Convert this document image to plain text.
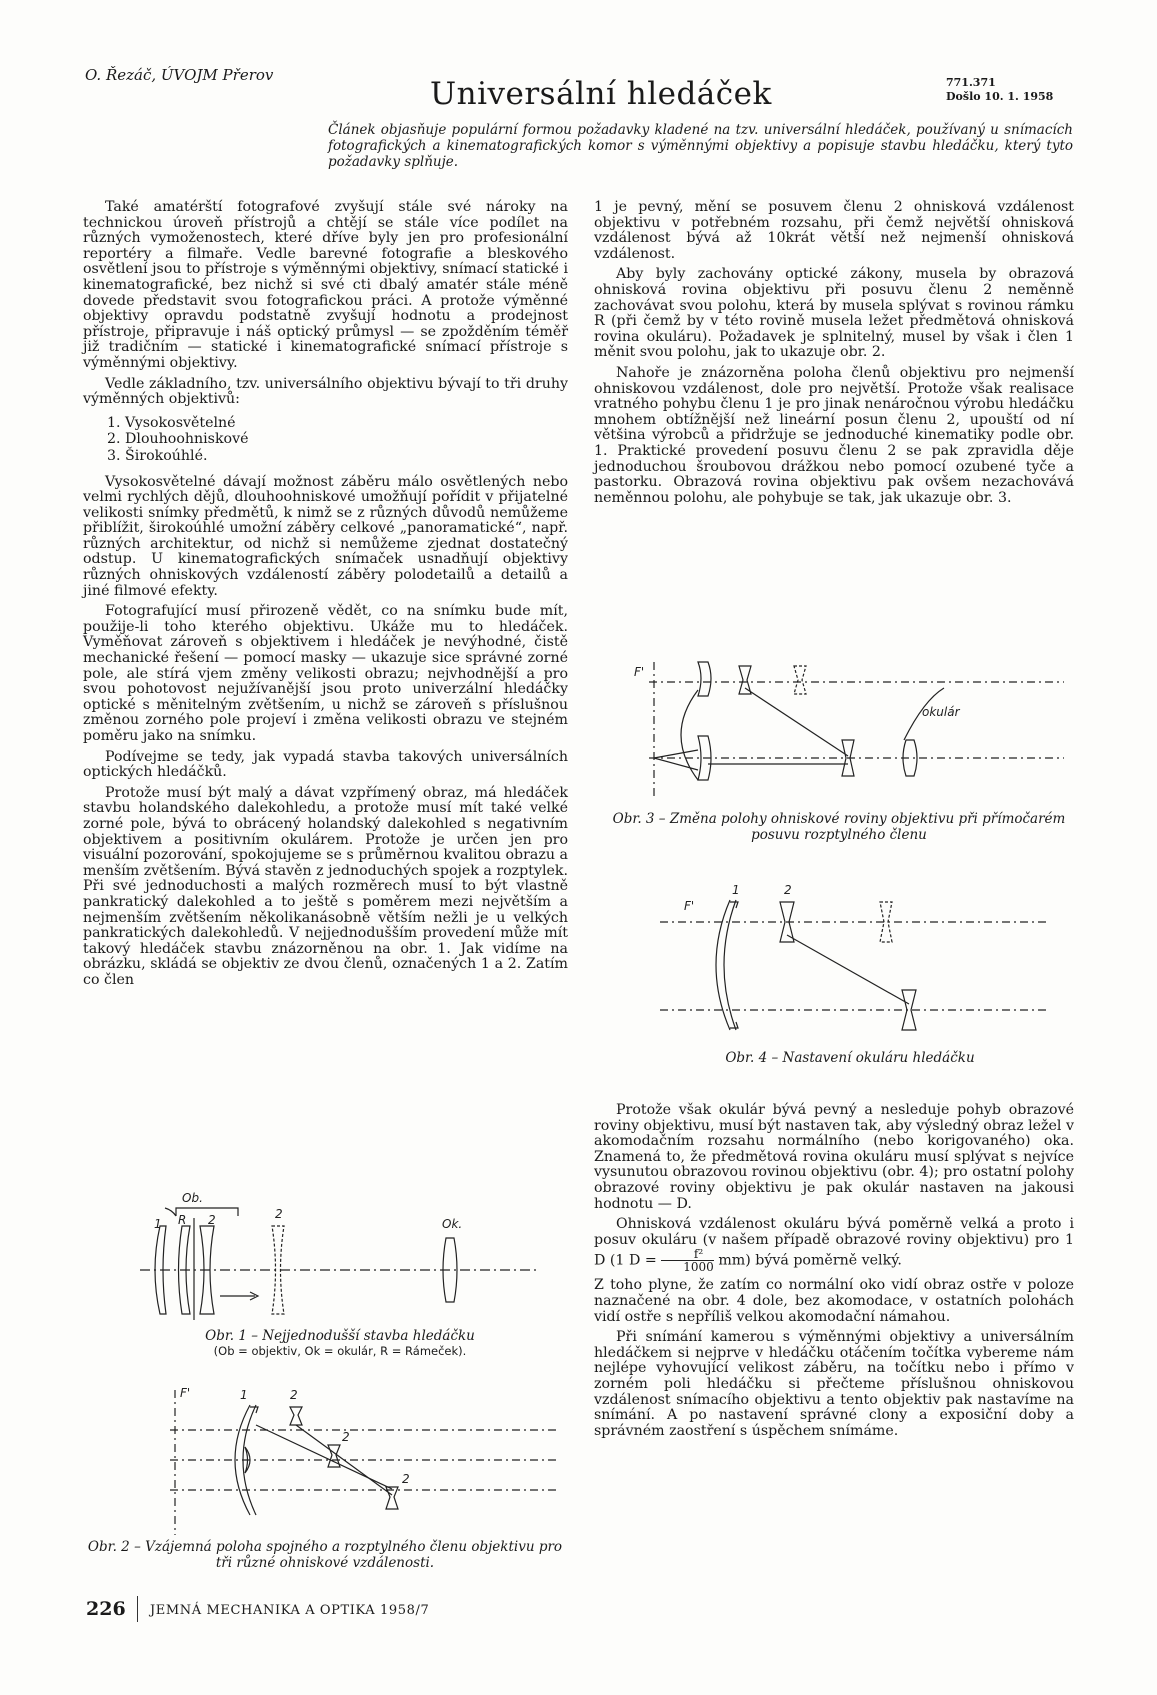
O. Řezáč, ÚVOJM Přerov
Universální hledáček	771.371
Došlo 10. 1. 1958
Článek objasňuje populární formou požadavky kladené na tzv. universální hledáček, používaný u snímacích fotografických a kinematografických komor s výměnnými objektivy a popisuje stavbu hledáčku, který tyto požadavky splňuje.

Také amatérští fotografové zvyšují stále své nároky na technickou úroveň přístrojů a chtějí se stále více podílet na různých vymoženostech, které dříve byly jen pro profesionální reportéry a filmaře. Vedle barevné fotografie a bleskového osvětlení jsou to přístroje s výměnnými objektivy, snímací statické i kinematografické, bez nichž si své cti dbalý amatér stále méně dovede představit svou fotografickou práci. A protože výměnné objektivy opravdu podstatně zvyšují hodnotu a prodejnost přístroje, připravuje i náš optický průmysl — se zpožděním téměř již tradičním — statické i kinematografické snímací přístroje s výměnnými objektivy.

Vedle základního, tzv. universálního objektivu bývají to tři druhy výměnných objektivů:

1. Vysokosvětelné
2. Dlouhoohniskové
3. Širokoúhlé.

Vysokosvětelné dávají možnost záběru málo osvětlených nebo velmi rychlých dějů, dlouhoohniskové umožňují pořídit v přijatelné velikosti snímky předmětů, k nimž se z různých důvodů nemůžeme přiblížit, širokoúhlé umožní záběry celkové „panoramatické“, např. různých architektur, od nichž si nemůžeme zjednat dostatečný odstup. U kinematografických snímaček usnadňují objektivy různých ohniskových vzdáleností záběry polodetailů a detailů a jiné filmové efekty.

Fotografující musí přirozeně vědět, co na snímku bude mít, použije-li toho kterého objektivu. Ukáže mu to hledáček. Vyměňovat zároveň s objektivem i hledáček je nevýhodné, čistě mechanické řešení — pomocí masky — ukazuje sice správné zorné pole, ale stírá vjem změny velikosti obrazu; nejvhodnější a pro svou pohotovost nejužívanější jsou proto univerzální hledáčky optické s měnitelným zvětšením, u nichž se zároveň s příslušnou změnou zorného pole projeví i změna velikosti obrazu ve stejném poměru jako na snímku.

Podívejme se tedy, jak vypadá stavba takových universálních optických hledáčků.

Protože musí být malý a dávat vzpřímený obraz, má hledáček stavbu holandského dalekohledu, a protože musí mít také velké zorné pole, bývá to obrácený holandský dalekohled s negativním objektivem a positivním okulárem. Protože je určen jen pro visuální pozorování, spokojujeme se s průměrnou kvalitou obrazu a menším zvětšením. Bývá stavěn z jednoduchých spojek a rozptylek. Při své jednoduchosti a malých rozměrech musí to být vlastně pankratický dalekohled a to ještě s poměrem mezi největším a nejmenším zvětšením několikanásobně větším nežli je u velkých pankratických dalekohledů. V nejjednodušším provedení může mít takový hledáček stavbu znázorněnou na obr. 1. Jak vidíme na obrázku, skládá se objektiv ze dvou členů, označených 1 a 2. Zatím co člen

Ob.
1 R 2	2
Ok.
Obr. 1 – Nejjednodušší stavba hledáčku
(Ob = objektiv, Ok = okulár, R = Rámeček).
F'	1	2
2
2
Obr. 2 – Vzájemná poloha spojného a rozptylného členu objektivu pro tři různé ohniskové vzdálenosti.

1 je pevný, mění se posuvem členu 2 ohnisková vzdálenost objektivu v potřebném rozsahu, při čemž největší ohnisková vzdálenost bývá až 10krát větší než nejmenší ohnisková vzdálenost.

Aby byly zachovány optické zákony, musela by obrazová ohnisková rovina objektivu při posuvu členu 2 neměnně zachovávat svou polohu, která by musela splývat s rovinou rámku R (při čemž by v této rovině musela ležet předmětová ohnisková rovina okuláru). Požadavek je splnitelný, musel by však i člen 1 měnit svou polohu, jak to ukazuje obr. 2.

Nahoře je znázorněna poloha členů objektivu pro nejmenší ohniskovou vzdálenost, dole pro největší. Protože však realisace vratného pohybu členu 1 je pro jinak nenáročnou výrobu hledáčku mnohem obtížnější než lineární posun členu 2, upouští od ní většina výrobců a přidržuje se jednoduché kinematiky podle obr. 1. Praktické provedení posuvu členu 2 se pak zpravidla děje jednoduchou šroubovou drážkou nebo pomocí ozubené tyče a pastorku. Obrazová rovina objektivu pak ovšem nezachovává neměnnou polohu, ale pohybuje se tak, jak ukazuje obr. 3.

F'
okulár
Obr. 3 – Změna polohy ohniskové roviny objektivu při přímočarém posuvu rozptylného členu
F'
1	2
Obr. 4 – Nastavení okuláru hledáčku

Protože však okulár bývá pevný a nesleduje pohyb obrazové roviny objektivu, musí být nastaven tak, aby výsledný obraz ležel v akomodačním rozsahu normálního (nebo korigovaného) oka. Znamená to, že předmětová rovina okuláru musí splývat s nejvíce vysunutou obrazovou rovinou objektivu (obr. 4); pro ostatní polohy obrazové roviny objektivu je pak okulár nastaven na jakousi hodnotu — D.

Ohnisková vzdálenost okuláru bývá poměrně velká a proto i posuv okuláru (v našem případě obrazové roviny objektivu) pro 1 D (1 $D = \frac{\text{f²}}{1000} mm$) bývá poměrně velký.

Z toho plyne, že zatím co normální oko vidí obraz ostře v poloze naznačené na obr. 4 dole, bez akomodace, v ostatních polohách vidí ostře s nepříliš velkou akomodační námahou.

Při snímání kamerou s výměnnými objektivy a universálním hledáčkem si nejprve v hledáčku otáčením točítka vybereme nám nejlépe vyhovující velikost záběru, na točítku nebo i přímo v zorném poli hledáčku si přečteme příslušnou ohniskovou vzdálenost snímacího objektivu a tento objektiv pak nastavíme na snímání. A po nastavení správné clony a exposiční doby a správném zaostření s úspěchem snímáme.

226 JEMNÁ MECHANIKA A OPTIKA 1958/7
